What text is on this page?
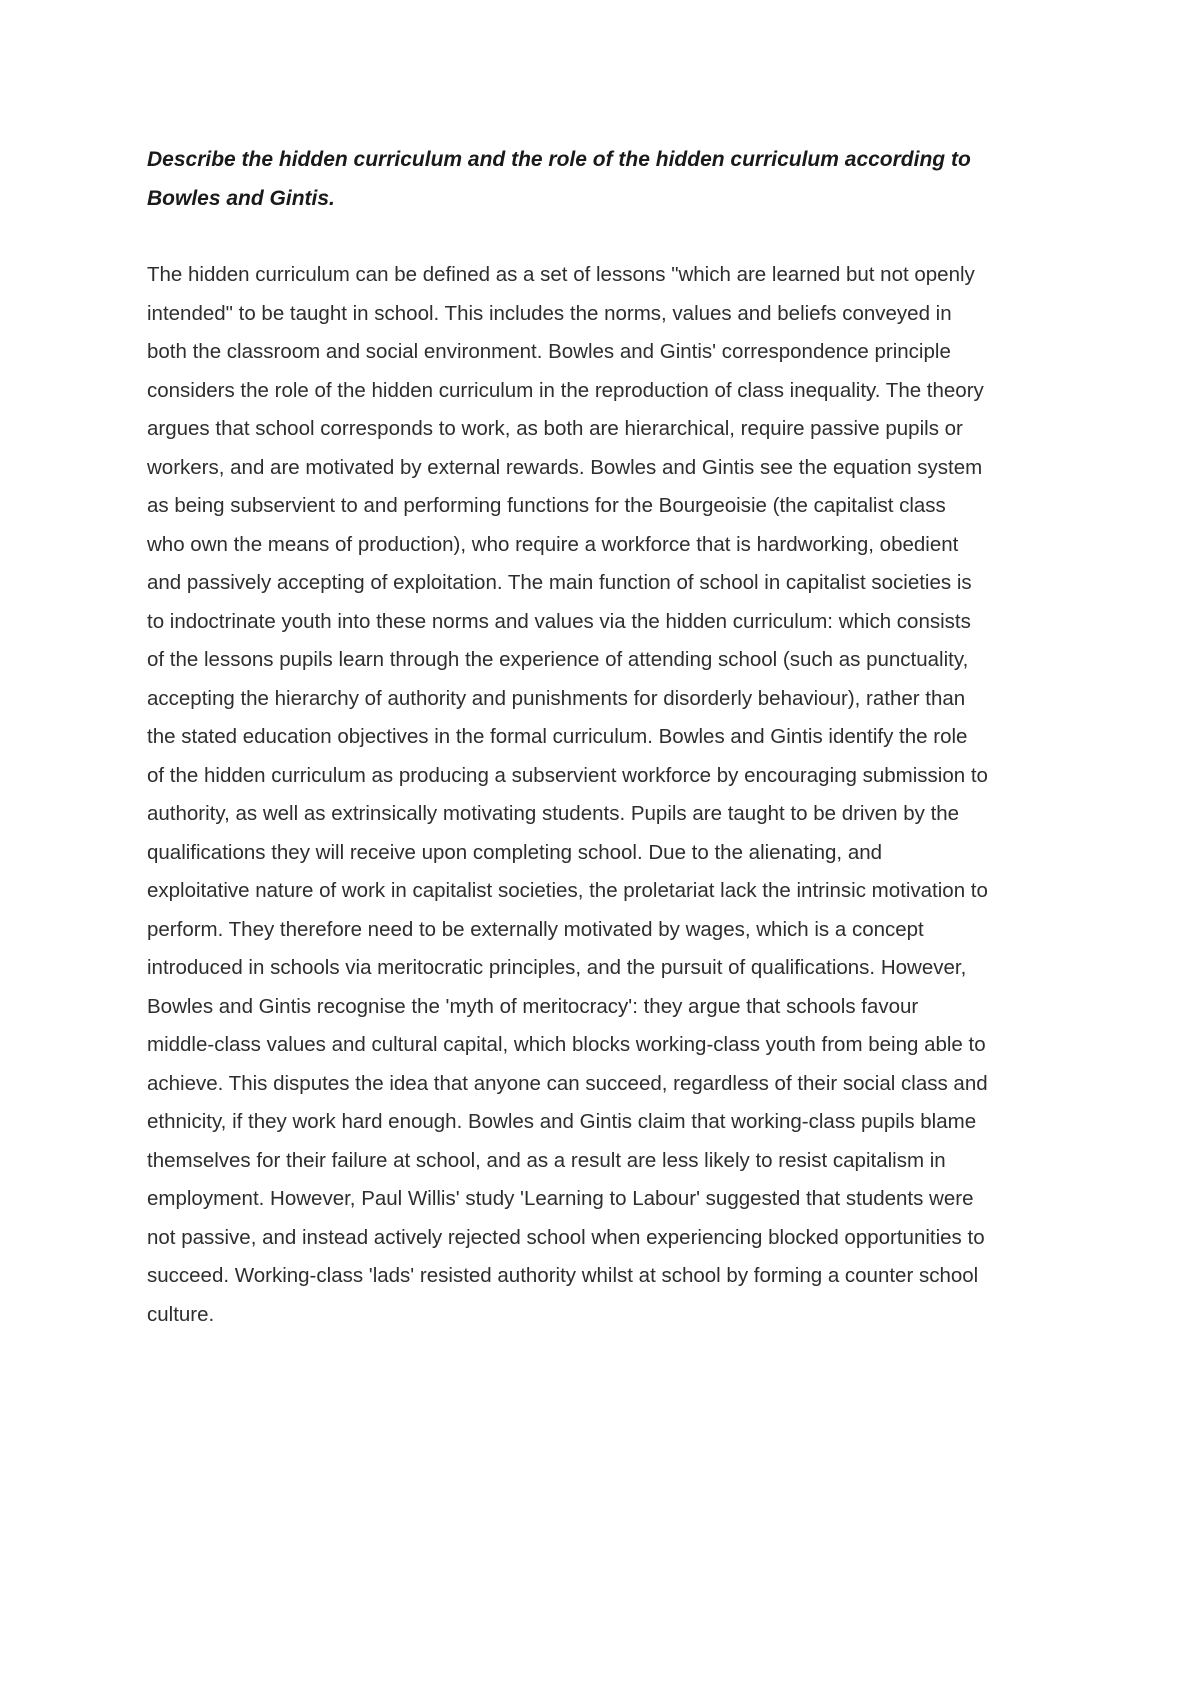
Describe the hidden curriculum and the role of the hidden curriculum according to
Bowles and Gintis.
The hidden curriculum can be defined as a set of lessons "which are learned but not openly
intended" to be taught in school. This includes the norms, values and beliefs conveyed in
both the classroom and social environment. Bowles and Gintis' correspondence principle
considers the role of the hidden curriculum in the reproduction of class inequality. The theory
argues that school corresponds to work, as both are hierarchical, require passive pupils or
workers, and are motivated by external rewards. Bowles and Gintis see the equation system
as being subservient to and performing functions for the Bourgeoisie (the capitalist class
who own the means of production), who require a workforce that is hardworking, obedient
and passively accepting of exploitation. The main function of school in capitalist societies is
to indoctrinate youth into these norms and values via the hidden curriculum: which consists
of the lessons pupils learn through the experience of attending school (such as punctuality,
accepting the hierarchy of authority and punishments for disorderly behaviour), rather than
the stated education objectives in the formal curriculum. Bowles and Gintis identify the role
of the hidden curriculum as producing a subservient workforce by encouraging submission to
authority, as well as extrinsically motivating students. Pupils are taught to be driven by the
qualifications they will receive upon completing school. Due to the alienating, and
exploitative nature of work in capitalist societies, the proletariat lack the intrinsic motivation to
perform. They therefore need to be externally motivated by wages, which is a concept
introduced in schools via meritocratic principles, and the pursuit of qualifications. However,
Bowles and Gintis recognise the 'myth of meritocracy': they argue that schools favour
middle-class values and cultural capital, which blocks working-class youth from being able to
achieve. This disputes the idea that anyone can succeed, regardless of their social class and
ethnicity, if they work hard enough. Bowles and Gintis claim that working-class pupils blame
themselves for their failure at school, and as a result are less likely to resist capitalism in
employment. However, Paul Willis' study 'Learning to Labour' suggested that students were
not passive, and instead actively rejected school when experiencing blocked opportunities to
succeed. Working-class 'lads' resisted authority whilst at school by forming a counter school
culture.
